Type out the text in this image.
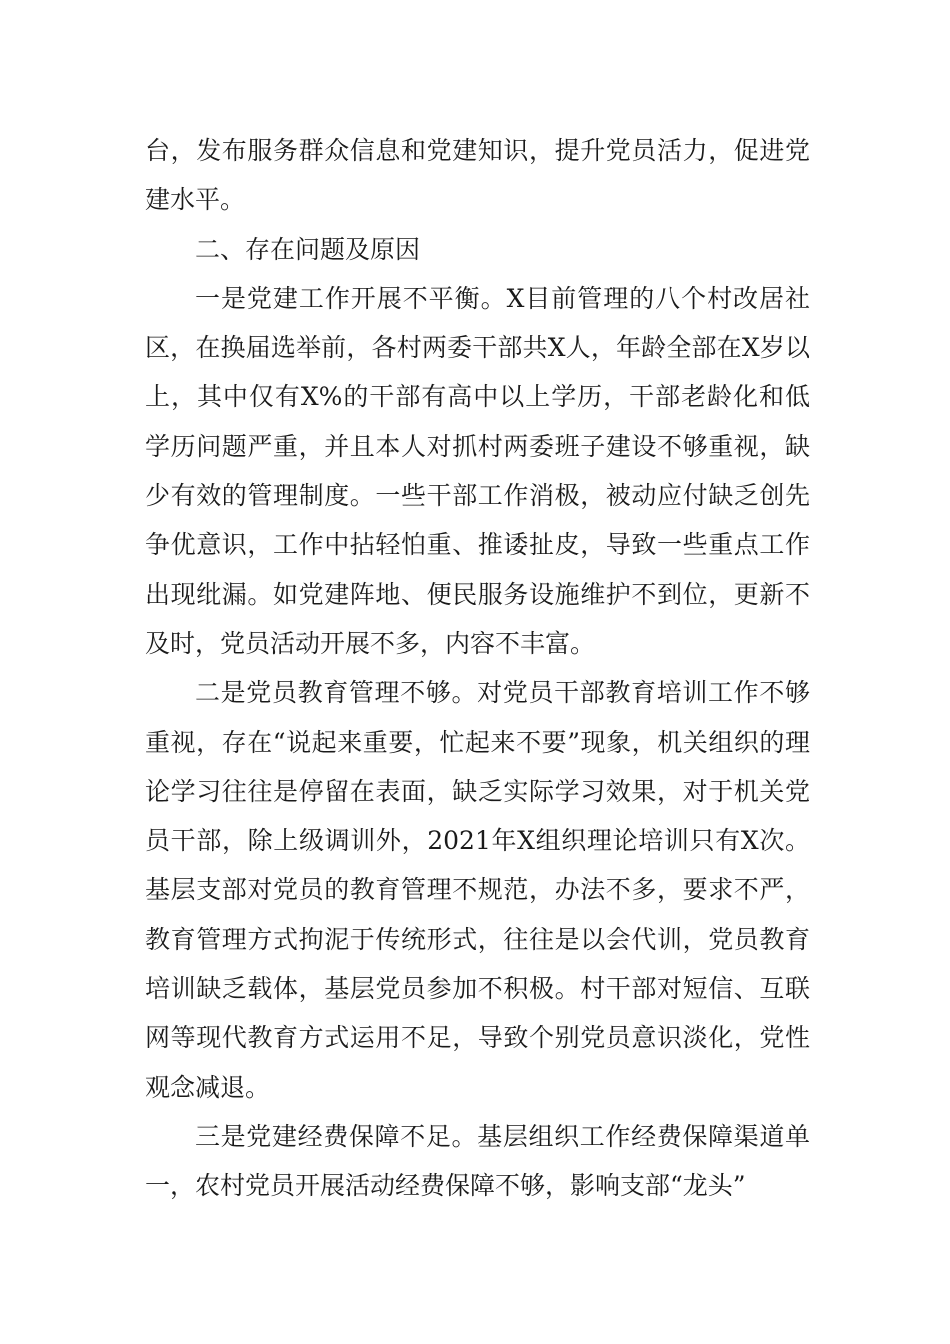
台，发布服务群众信息和党建知识，提升党员活力，促进党建水平。

二、存在问题及原因

一是党建工作开展不平衡。X目前管理的八个村改居社区，在换届选举前，各村两委干部共X人，年龄全部在X岁以上，其中仅有X%的干部有高中以上学历，干部老龄化和低学历问题严重，并且本人对抓村两委班子建设不够重视，缺少有效的管理制度。一些干部工作消极，被动应付缺乏创先争优意识，工作中拈轻怕重、推诿扯皮，导致一些重点工作出现纰漏。如党建阵地、便民服务设施维护不到位，更新不及时，党员活动开展不多，内容不丰富。

二是党员教育管理不够。对党员干部教育培训工作不够重视，存在“说起来重要，忙起来不要”现象，机关组织的理论学习往往是停留在表面，缺乏实际学习效果，对于机关党员干部，除上级调训外，2021年X组织理论培训只有X次。基层支部对党员的教育管理不规范，办法不多，要求不严，教育管理方式拘泥于传统形式，往往是以会代训，党员教育培训缺乏载体，基层党员参加不积极。村干部对短信、互联网等现代教育方式运用不足，导致个别党员意识淡化，党性观念减退。

三是党建经费保障不足。基层组织工作经费保障渠道单一，农村党员开展活动经费保障不够，影响支部“龙头”
